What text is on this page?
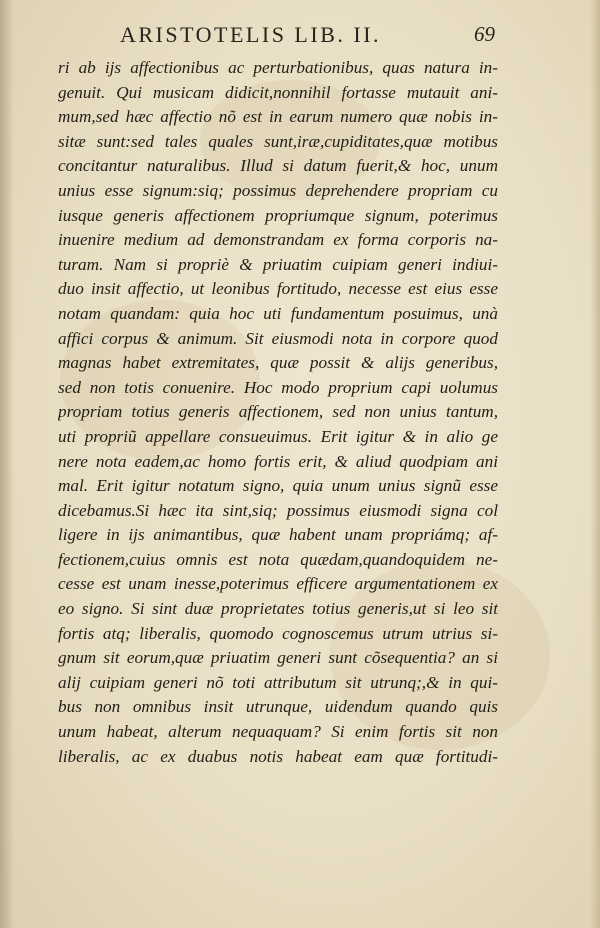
ARISTOTELIS LIB. II.	69
ri ab ijs affectionibus ac perturbationibus, quas natura in-
genuit. Qui musicam didicit,nonnihil fortasse mutauit ani-
mum,sed hæc affectio nõ est in earum numero quæ nobis in-
sitæ sunt:sed tales quales sunt,iræ,cupiditates,quæ motibus
concitantur naturalibus. Illud si datum fuerit,& hoc, unum
unius esse signum:siq; possimus deprehendere propriam cu
iusque generis affectionem propriumque signum, poterimus
inuenire medium ad demonstrandam ex forma corporis na-
turam. Nam si propriè & priuatim cuipiam generi indiui-
duo insit affectio, ut leonibus fortitudo, necesse est eius esse
notam quandam: quia hoc uti fundamentum posuimus, unà
affici corpus & animum. Sit eiusmodi nota in corpore quod
magnas habet extremitates, quæ possit & alijs generibus,
sed non totis conuenire. Hoc modo proprium capi uolumus
propriam totius generis affectionem, sed non unius tantum,
uti propriũ appellare consueuimus. Erit igitur & in alio ge
nere nota eadem,ac homo fortis erit, & aliud quodpiam ani
mal. Erit igitur notatum signo, quia unum unius signũ esse
dicebamus.Si hæc ita sint,siq; possimus eiusmodi signa col
ligere in ijs animantibus, quæ habent unam propriámq; af-
fectionem,cuius omnis est nota quædam,quandoquidem ne-
cesse est unam inesse,poterimus efficere argumentationem ex
eo signo. Si sint duæ proprietates totius generis,ut si leo sit
fortis atq; liberalis, quomodo cognoscemus utrum utrius si-
gnum sit eorum,quæ priuatim generi sunt cõsequentia? an si
alij cuipiam generi nõ toti attributum sit utrunq;,& in qui-
bus non omnibus insit utrunque, uidendum quando quis
unum habeat, alterum nequaquam? Si enim fortis sit non
liberalis, ac ex duabus notis habeat eam quæ fortitudi-
